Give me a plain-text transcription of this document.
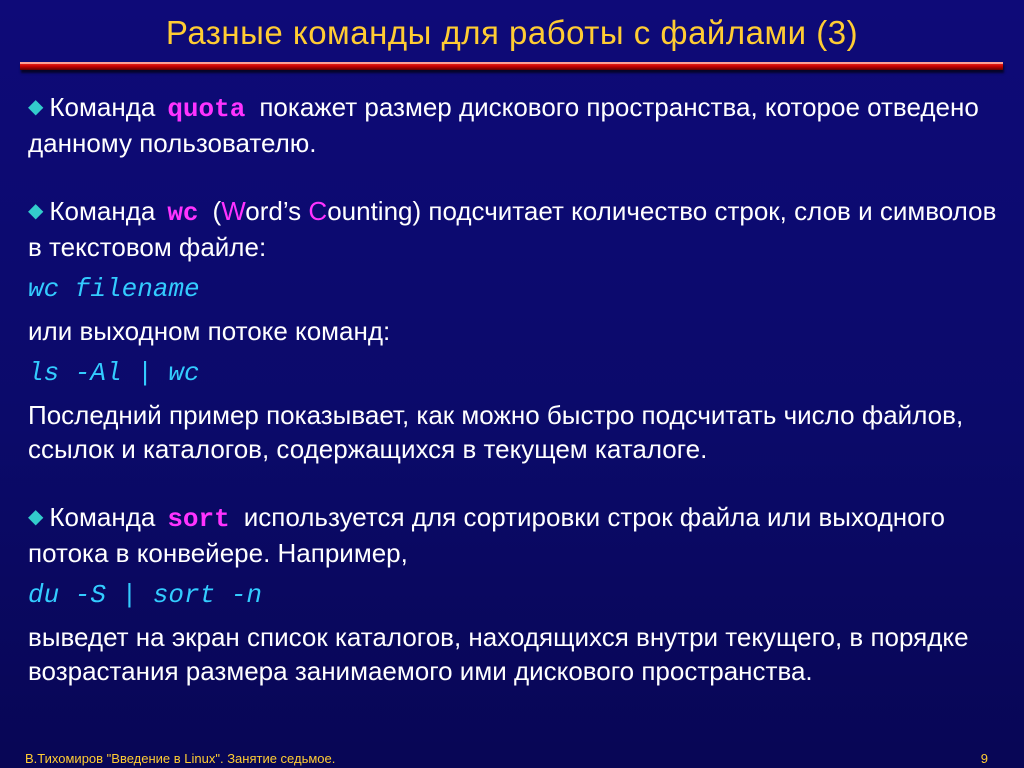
Разные команды для работы с файлами (3)

◆ Команда quota покажет размер дискового пространства, которое отведено данному пользователю.

◆ Команда wc (Word’s Counting) подсчитает количество строк, слов и символов в текстовом файле:

wc filename

или выходном потоке команд:

ls -Al | wc

Последний пример показывает, как можно быстро подсчитать число файлов, ссылок и каталогов, содержащихся в текущем каталоге.

◆ Команда sort используется для сортировки строк файла или выходного потока в конвейере. Например,

du -S | sort -n

выведет на экран список каталогов, находящихся внутри текущего, в порядке возрастания размера занимаемого ими дискового пространства.

В.Тихомиров "Введение в Linux". Занятие седьмое.	9
